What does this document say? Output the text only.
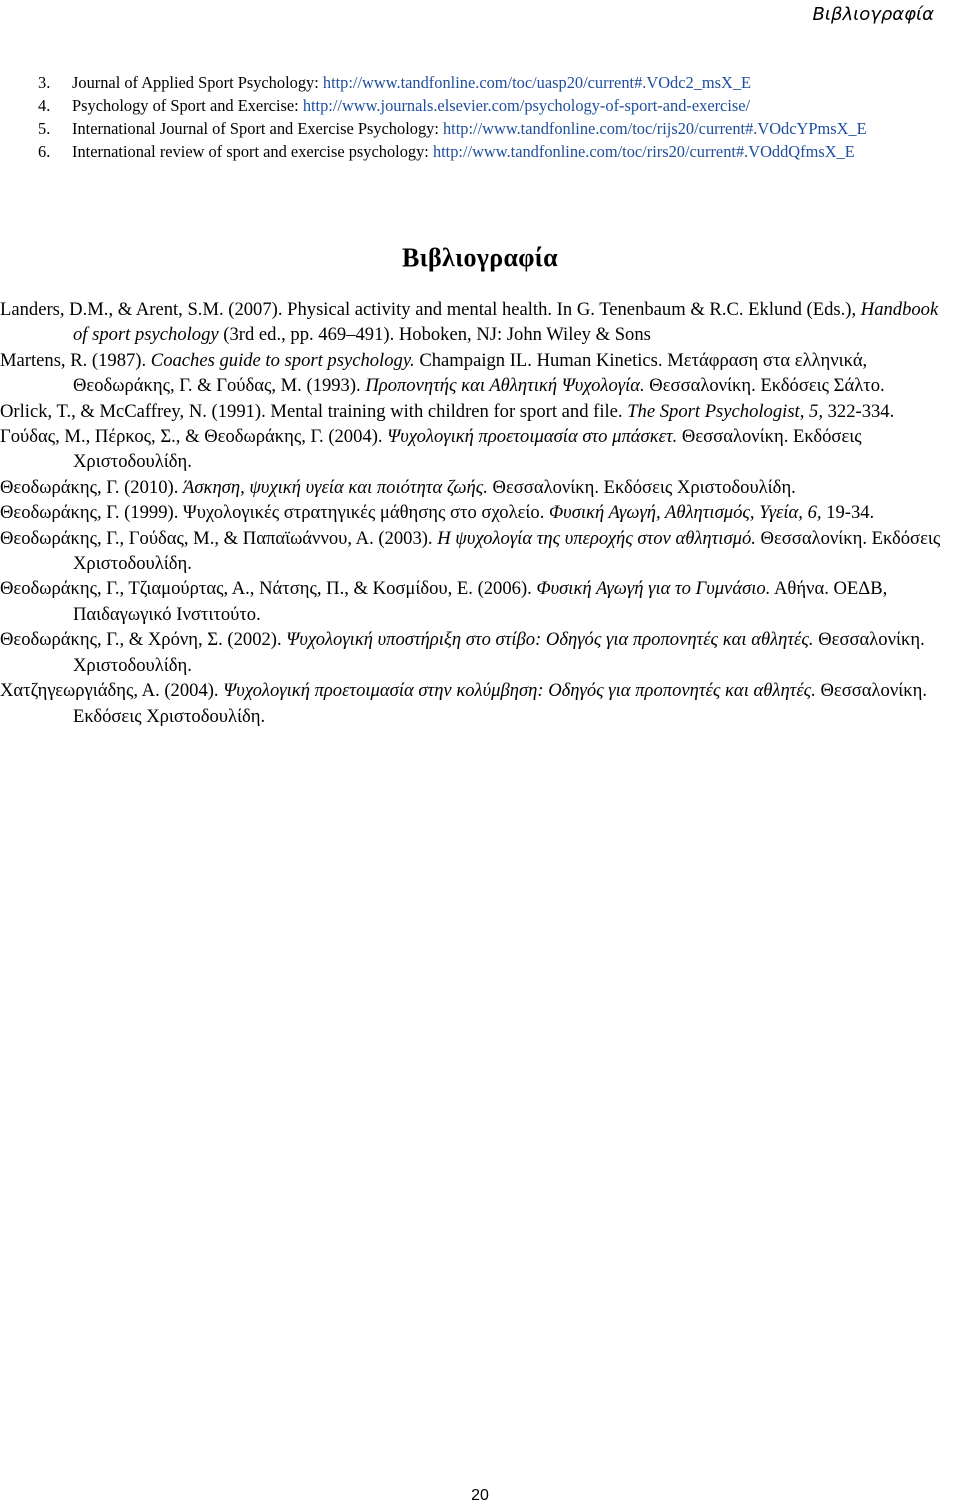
Βιβλιογραφία
3.	Journal of Applied Sport Psychology: http://www.tandfonline.com/toc/uasp20/current#.VOdc2_msX_E
4.	Psychology of Sport and Exercise: http://www.journals.elsevier.com/psychology-of-sport-and-exercise/
5.	International Journal of Sport and Exercise Psychology: http://www.tandfonline.com/toc/rijs20/current#.VOdcYPmsX_E
6.	International review of sport and exercise psychology: http://www.tandfonline.com/toc/rirs20/current#.VOddQfmsX_E
Βιβλιογραφία
Landers, D.M., & Arent, S.M. (2007). Physical activity and mental health. In G. Tenenbaum & R.C. Eklund (Eds.), Handbook of sport psychology (3rd ed., pp. 469–491). Hoboken, NJ: John Wiley & Sons
Martens, R. (1987). Coaches guide to sport psychology. Champaign IL. Human Kinetics. Μετάφραση στα ελληνικά, Θεοδωράκης, Γ. & Γούδας, Μ. (1993). Προπονητής και Αθλητική Ψυχολογία. Θεσσαλονίκη. Εκδόσεις Σάλτο.
Orlick, T., & McCaffrey, N. (1991). Mental training with children for sport and file. The Sport Psychologist, 5, 322-334.
Γούδας, Μ., Πέρκος, Σ., & Θεοδωράκης, Γ. (2004). Ψυχολογική προετοιμασία στο μπάσκετ. Θεσσαλονίκη. Εκδόσεις Χριστοδουλίδη.
Θεοδωράκης, Γ. (2010). Άσκηση, ψυχική υγεία και ποιότητα ζωής. Θεσσαλονίκη. Εκδόσεις Χριστοδουλίδη.
Θεοδωράκης, Γ. (1999). Ψυχολογικές στρατηγικές μάθησης στο σχολείο. Φυσική Αγωγή, Αθλητισμός, Υγεία, 6, 19-34.
Θεοδωράκης, Γ., Γούδας, Μ., & Παπαϊωάννου, Α. (2003). Η ψυχολογία της υπεροχής στον αθλητισμό. Θεσσαλονίκη. Εκδόσεις Χριστοδουλίδη.
Θεοδωράκης, Γ., Τζιαμούρτας, Α., Νάτσης, Π., & Κοσμίδου, Ε. (2006). Φυσική Αγωγή για το Γυμνάσιο. Αθήνα. ΟΕΔΒ, Παιδαγωγικό Ινστιτούτο.
Θεοδωράκης, Γ., & Χρόνη, Σ. (2002). Ψυχολογική υποστήριξη στο στίβο: Οδηγός για προπονητές και αθλητές. Θεσσαλονίκη. Χριστοδουλίδη.
Χατζηγεωργιάδης, Α. (2004). Ψυχολογική προετοιμασία στην κολύμβηση: Οδηγός για προπονητές και αθλητές. Θεσσαλονίκη. Εκδόσεις Χριστοδουλίδη.
20
